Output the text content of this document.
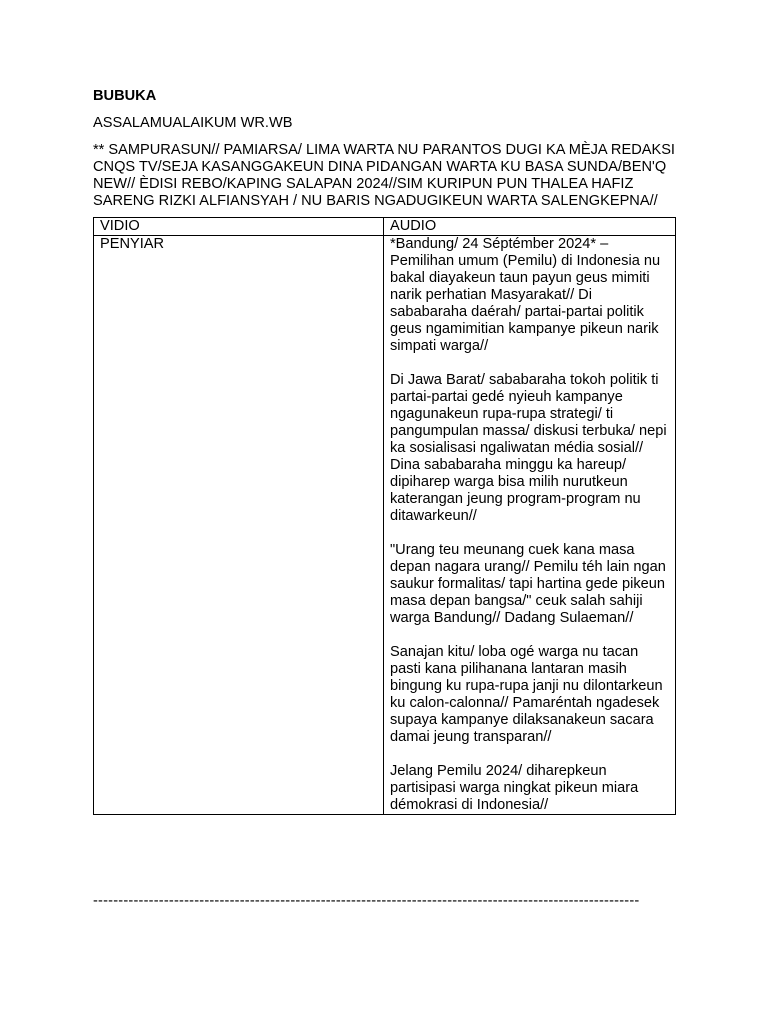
BUBUKA
ASSALAMUALAIKUM WR.WB
** SAMPURASUN// PAMIARSA/ LIMA WARTA NU PARANTOS DUGI KA MÈJA REDAKSI CNQS TV/SEJA KASANGGAKEUN DINA PIDANGAN WARTA KU BASA SUNDA/BEN'Q NEW// ÈDISI REBO/KAPING SALAPAN 2024//SIM KURIPUN PUN THALEA HAFIZ SARENG RIZKI ALFIANSYAH / NU BARIS NGADUGIKEUN WARTA SALENGKEPNA//
VIDIO	AUDIO
PENYIAR	*Bandung/ 24 Séptémber 2024* – Pemilihan umum (Pemilu) di Indonesia nu bakal diayakeun taun payun geus mimiti narik perhatian Masyarakat// Di sababaraha daérah/ partai-partai politik geus ngamimitian kampanye pikeun narik simpati warga//
Di Jawa Barat/ sababaraha tokoh politik ti partai-partai gedé nyieuh kampanye ngagunakeun rupa-rupa strategi/ ti pangumpulan massa/ diskusi terbuka/ nepi ka sosialisasi ngaliwatan média sosial// Dina sababaraha minggu ka hareup/ dipiharep warga bisa milih nurutkeun katerangan jeung program-program nu ditawarkeun//
"Urang teu meunang cuek kana masa depan nagara urang// Pemilu téh lain ngan saukur formalitas/ tapi hartina gede pikeun masa depan bangsa/" ceuk salah sahiji warga Bandung// Dadang Sulaeman//
Sanajan kitu/ loba ogé warga nu tacan pasti kana pilihanana lantaran masih bingung ku rupa-rupa janji nu dilontarkeun ku calon-calonna// Pamaréntah ngadesek supaya kampanye dilaksanakeun sacara damai jeung transparan//
Jelang Pemilu 2024/ diharepkeun partisipasi warga ningkat pikeun miara démokrasi di Indonesia//
------------------------------------------------------------------------------------------------------------
